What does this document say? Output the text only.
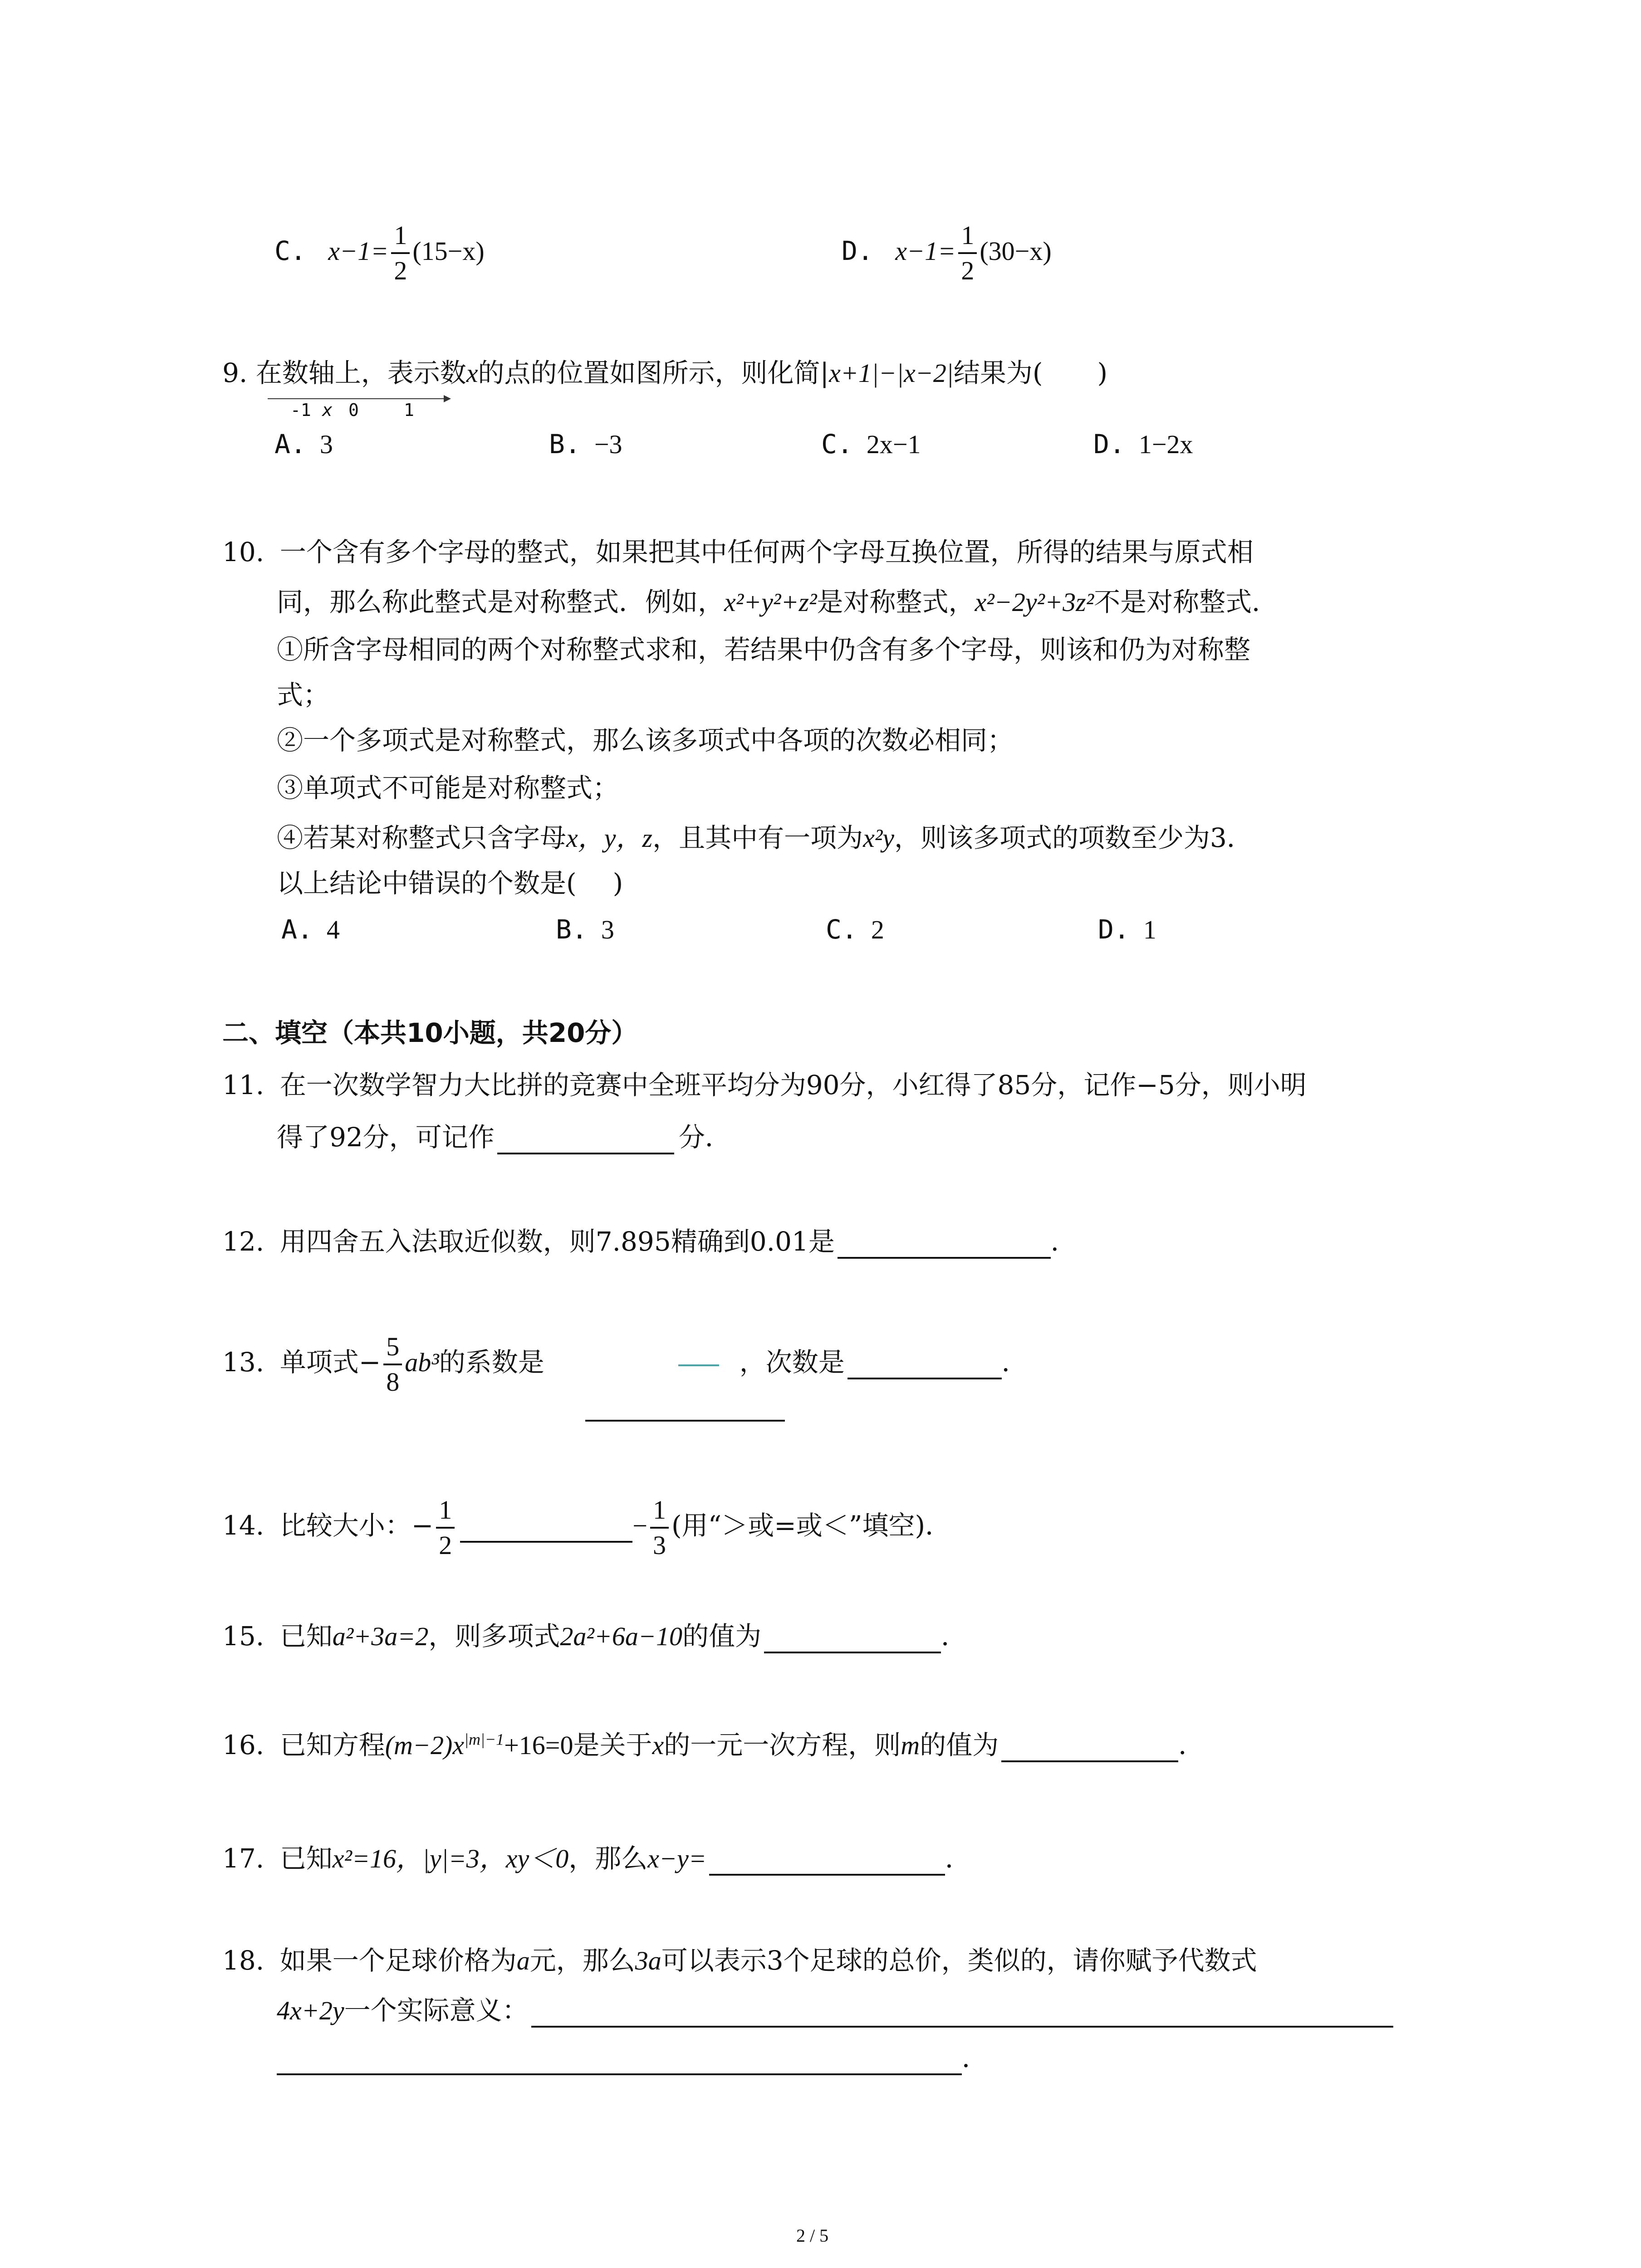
C. $x-1= \frac{1}{2} (15-x)$	D. $x-1= \frac{1}{2} (30-x)$
9. 在数轴上，表示数x的点的位置如图所示，则化简|x+1|−|x−2|结果为( )
-1 x 0	1
A. 3	B. −3	C. 2x−1	D. 1−2x
10. 一个含有多个字母的整式，如果把其中任何两个字母互换位置，所得的结果与原式相
同，那么称此整式是对称整式．例如，x²+y²+z²是对称整式，x²−2y²+3z²不是对称整式．
①所含字母相同的两个对称整式求和，若结果中仍含有多个字母，则该和仍为对称整
式；
②一个多项式是对称整式，那么该多项式中各项的次数必相同；
③单项式不可能是对称整式；
④若某对称整式只含字母x，y，z，且其中有一项为x²y，则该多项式的项数至少为3．
以上结论中错误的个数是( )
A. 4	B. 3	C. 2	D. 1
二、填空（本共10小题，共20分）
11. 在一次数学智力大比拼的竞赛中全班平均分为90分，小红得了85分，记作−5分，则小明
得了92分，可记作	分．
12. 用四舍五入法取近似数，则7.895精确到0.01是	．
13. 单项式− $\frac{5}{8} ab^3$的系数是	，次数是	．
14. 比较大小：− $\frac{1}{2}$	− $\frac{1}{3}$ (用“＞或=或＜”填空)．
15. 已知a²+3a=2，则多项式2a²+6a−10的值为	．
16. 已知方程$(m-2)x^{|m|-1}+16=0$是关于x的一元一次方程，则m的值为	．
17. 已知x²=16，|y|=3，xy＜0，那么x−y=	．
18. 如果一个足球价格为a元，那么3a可以表示3个足球的总价，类似的，请你赋予代数式
4x+2y一个实际意义：
．
2 / 5
